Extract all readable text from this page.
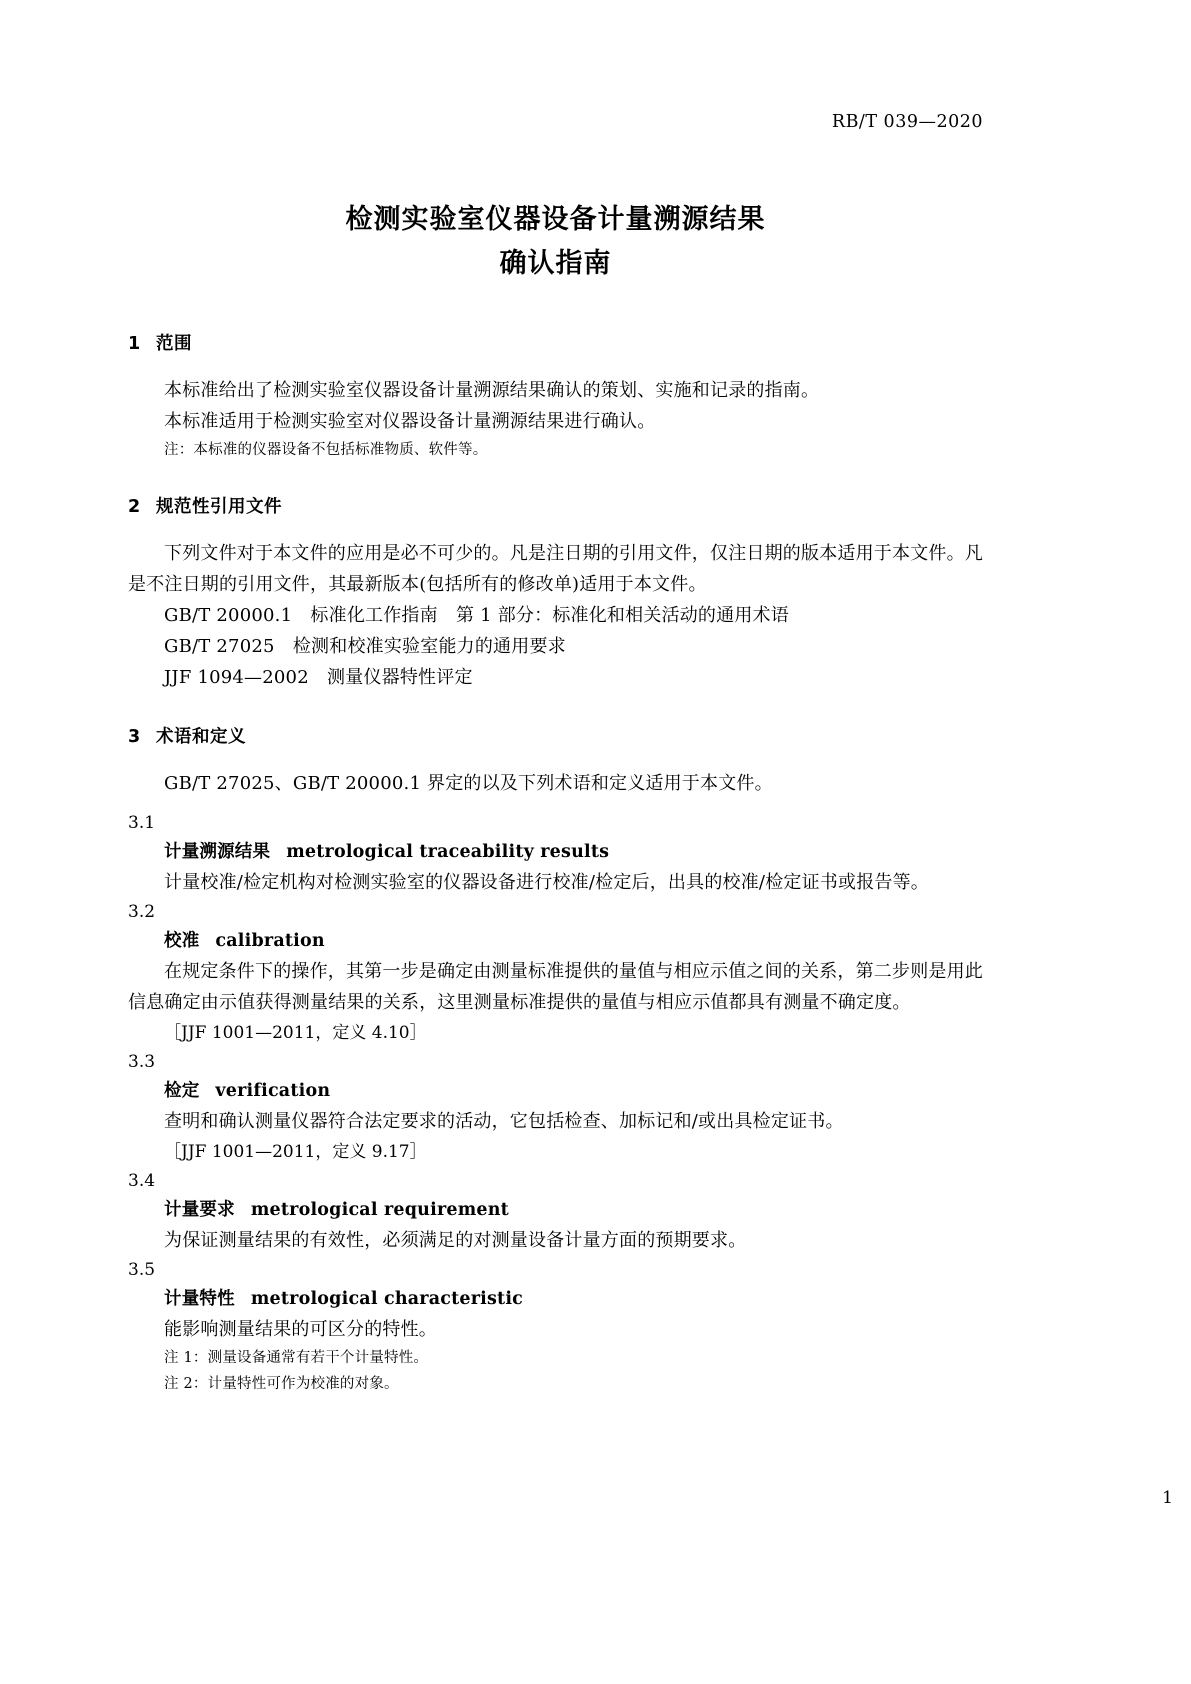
RB/T 039—2020
检测实验室仪器设备计量溯源结果
确认指南
1 范围

本标准给出了检测实验室仪器设备计量溯源结果确认的策划、实施和记录的指南。

本标准适用于检测实验室对仪器设备计量溯源结果进行确认。

注：本标准的仪器设备不包括标准物质、软件等。

2 规范性引用文件

下列文件对于本文件的应用是必不可少的。凡是注日期的引用文件，仅注日期的版本适用于本文件。凡是不注日期的引用文件，其最新版本(包括所有的修改单)适用于本文件。

GB/T 20000.1　标准化工作指南　第 1 部分：标准化和相关活动的通用术语

GB/T 27025　检测和校准实验室能力的通用要求

JJF 1094—2002　测量仪器特性评定

3 术语和定义

GB/T 27025、GB/T 20000.1 界定的以及下列术语和定义适用于本文件。

3.1

计量溯源结果 metrological traceability results

计量校准/检定机构对检测实验室的仪器设备进行校准/检定后，出具的校准/检定证书或报告等。

3.2

校准 calibration

在规定条件下的操作，其第一步是确定由测量标准提供的量值与相应示值之间的关系，第二步则是用此信息确定由示值获得测量结果的关系，这里测量标准提供的量值与相应示值都具有测量不确定度。

［JJF 1001—2011，定义 4.10］

3.3

检定 verification

查明和确认测量仪器符合法定要求的活动，它包括检查、加标记和/或出具检定证书。

［JJF 1001—2011，定义 9.17］

3.4

计量要求 metrological requirement

为保证测量结果的有效性，必须满足的对测量设备计量方面的预期要求。

3.5

计量特性 metrological characteristic

能影响测量结果的可区分的特性。

注 1：测量设备通常有若干个计量特性。

注 2：计量特性可作为校准的对象。

1
